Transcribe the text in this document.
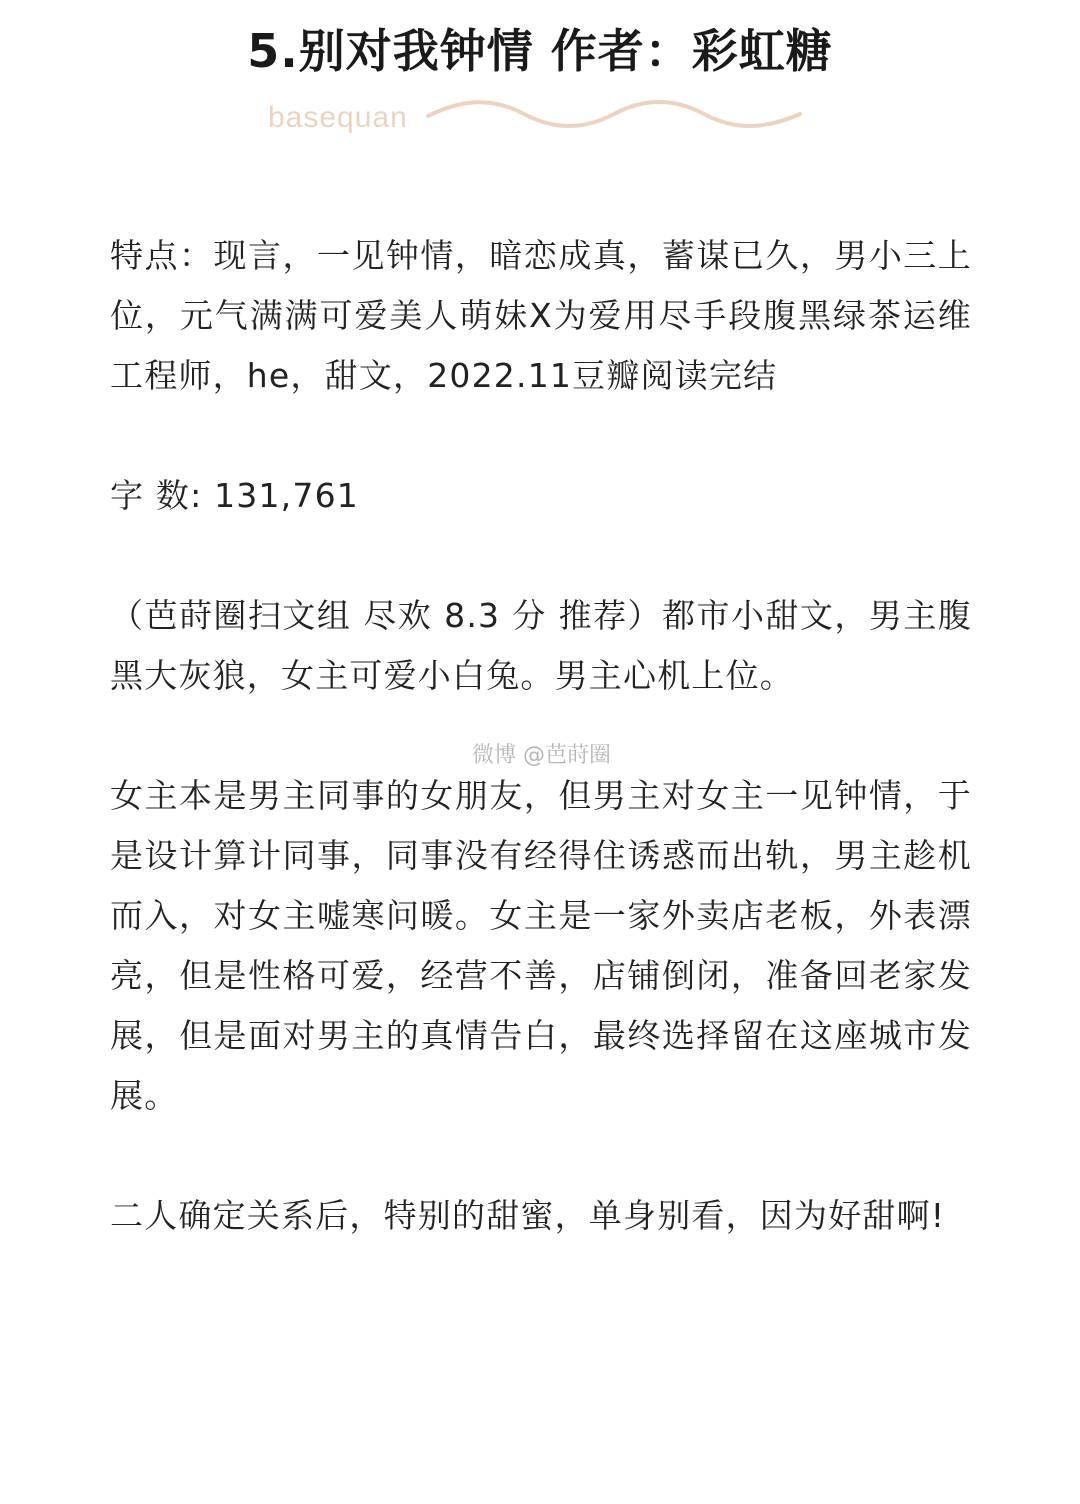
5.别对我钟情 作者：彩虹糖
basequan

特点：现言，一见钟情，暗恋成真，蓄谋已久，男小三上位，元气满满可爱美人萌妹X为爱用尽手段腹黑绿茶运维工程师，he，甜文，2022.11豆瓣阅读完结

字 数: 131,761

（芭莳圈扫文组 尽欢 8.3 分 推荐）都市小甜文，男主腹黑大灰狼，女主可爱小白兔。男主心机上位。

女主本是男主同事的女朋友，但男主对女主一见钟情，于是设计算计同事，同事没有经得住诱惑而出轨，男主趁机而入，对女主嘘寒问暖。女主是一家外卖店老板，外表漂亮，但是性格可爱，经营不善，店铺倒闭，准备回老家发展，但是面对男主的真情告白，最终选择留在这座城市发展。

二人确定关系后，特别的甜蜜，单身别看，因为好甜啊!

微博 @芭莳圈
